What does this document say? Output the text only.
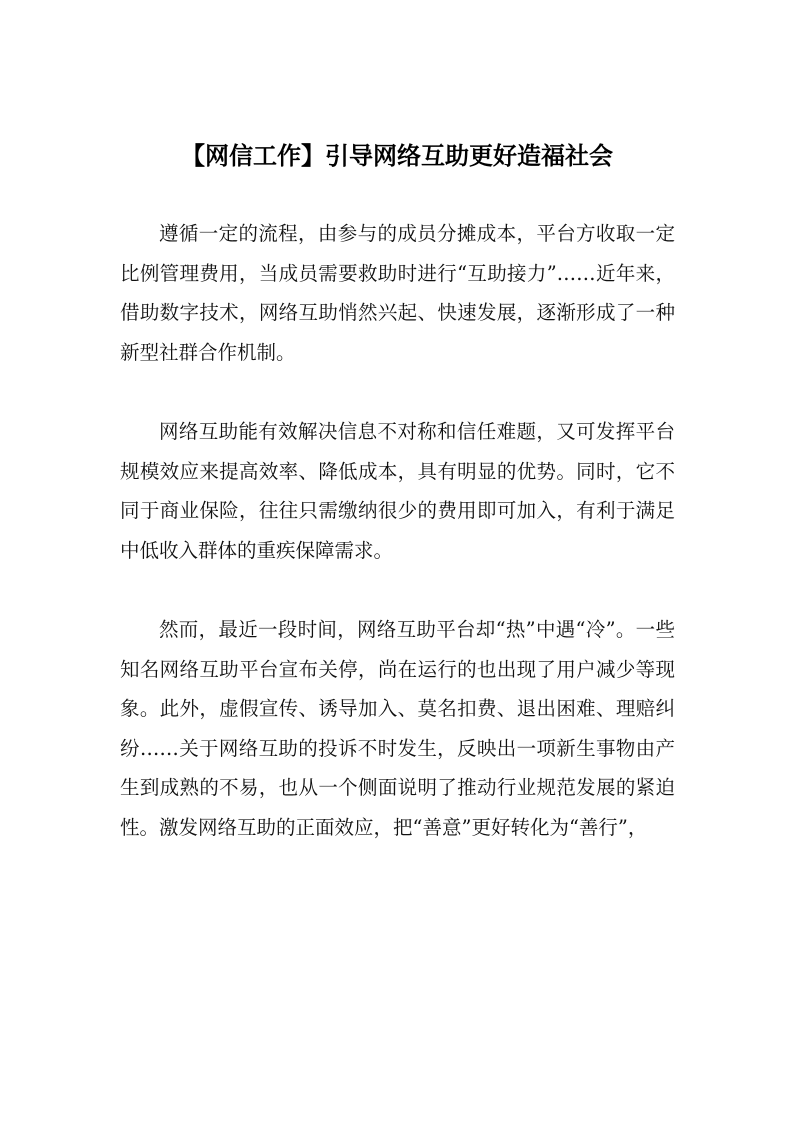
【网信工作】引导网络互助更好造福社会

遵循一定的流程，由参与的成员分摊成本，平台方收取一定比例管理费用，当成员需要救助时进行“互助接力”……近年来，借助数字技术，网络互助悄然兴起、快速发展，逐渐形成了一种新型社群合作机制。

网络互助能有效解决信息不对称和信任难题，又可发挥平台规模效应来提高效率、降低成本，具有明显的优势。同时，它不同于商业保险，往往只需缴纳很少的费用即可加入，有利于满足中低收入群体的重疾保障需求。

然而，最近一段时间，网络互助平台却“热”中遇“冷”。一些知名网络互助平台宣布关停，尚在运行的也出现了用户减少等现象。此外，虚假宣传、诱导加入、莫名扣费、退出困难、理赔纠纷……关于网络互助的投诉不时发生，反映出一项新生事物由产生到成熟的不易，也从一个侧面说明了推动行业规范发展的紧迫性。激发网络互助的正面效应，把“善意”更好转化为“善行”，
